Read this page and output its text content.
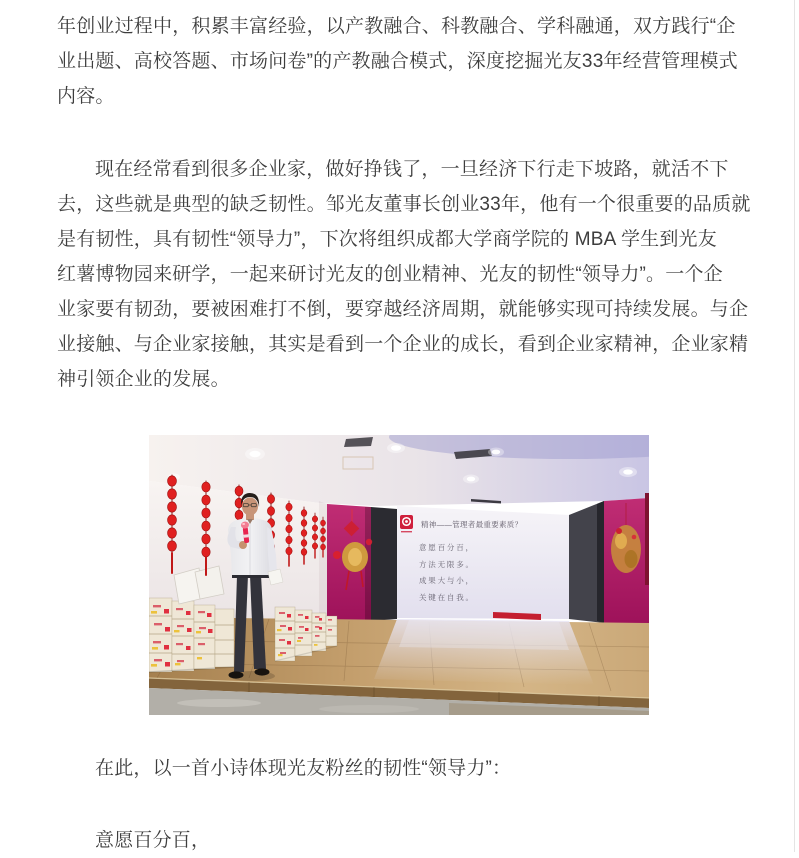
年创业过程中，积累丰富经验，以产教融合、科教融合、学科融通，双方践行“企
业出题、高校答题、市场问卷”的产教融合模式，深度挖掘光友33年经营管理模式
内容。
现在经常看到很多企业家，做好挣钱了，一旦经济下行走下坡路，就活不下
去，这些就是典型的缺乏韧性。邹光友董事长创业33年，他有一个很重要的品质就
是有韧性，具有韧性“领导力”，下次将组织成都大学商学院的 MBA 学生到光友
红薯博物园来研学，一起来研讨光友的创业精神、光友的韧性“领导力”。一个企
业家要有韧劲，要被困难打不倒，要穿越经济周期，就能够实现可持续发展。与企
业接触、与企业家接触，其实是看到一个企业的成长，看到企业家精神，企业家精
神引领企业的发展。
精神——管理者最重要素质？
意愿百分百，
方法无限多。
成果大与小，
关键在自我。
在此，以一首小诗体现光友粉丝的韧性“领导力”：
意愿百分百，
